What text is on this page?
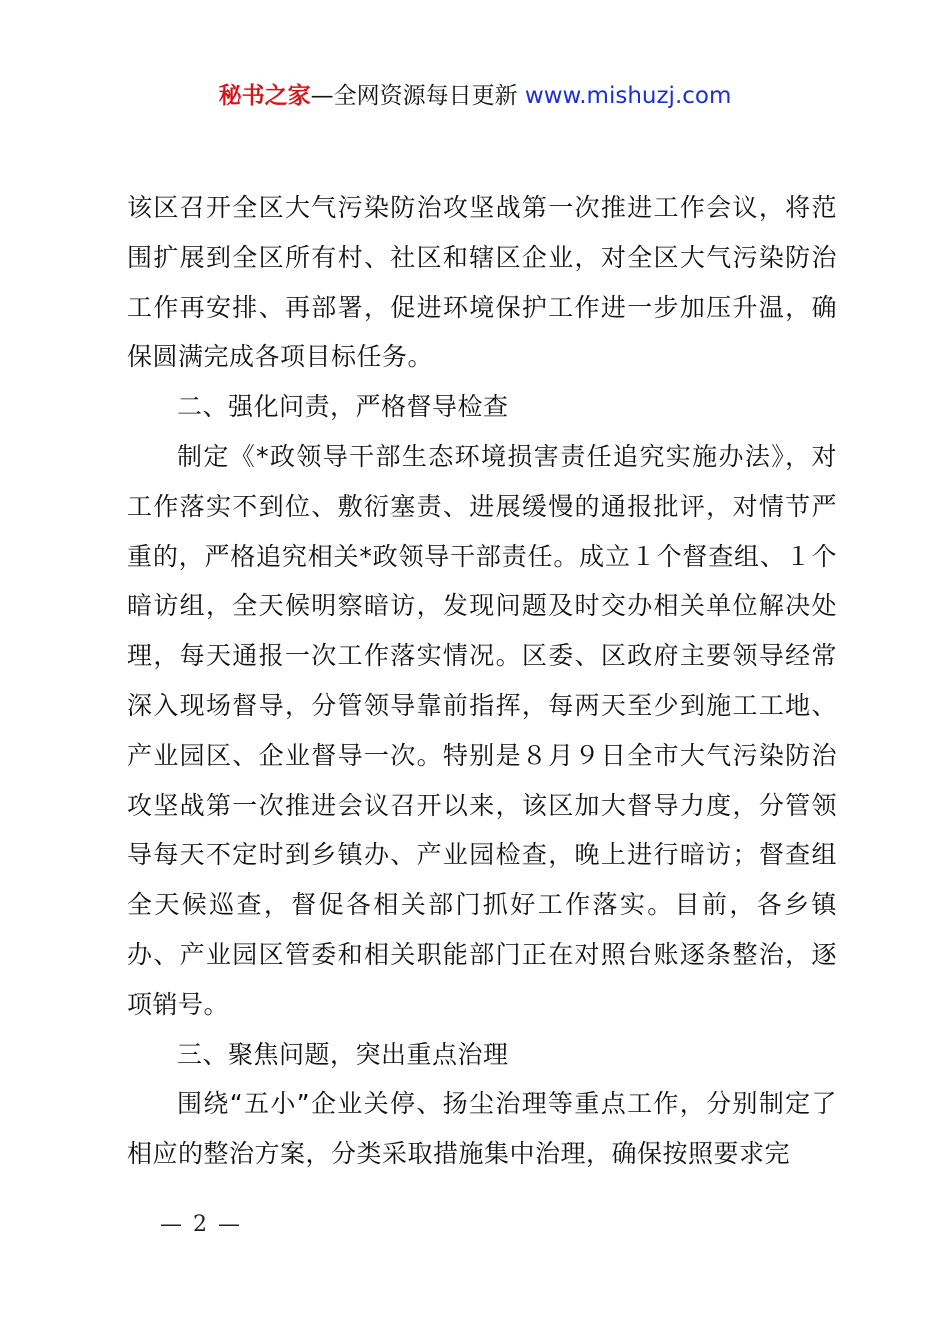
秘书之家—全网资源每日更新 www.mishuzj.com

该区召开全区大气污染防治攻坚战第一次推进工作会议，将范围扩展到全区所有村、社区和辖区企业，对全区大气污染防治工作再安排、再部署，促进环境保护工作进一步加压升温，确保圆满完成各项目标任务。

二、强化问责，严格督导检查

制定《*政领导干部生态环境损害责任追究实施办法》，对工作落实不到位、敷衍塞责、进展缓慢的通报批评，对情节严重的，严格追究相关*政领导干部责任。成立１个督查组、１个暗访组，全天候明察暗访，发现问题及时交办相关单位解决处理，每天通报一次工作落实情况。区委、区政府主要领导经常深入现场督导，分管领导靠前指挥，每两天至少到施工工地、产业园区、企业督导一次。特别是８月９日全市大气污染防治攻坚战第一次推进会议召开以来，该区加大督导力度，分管领导每天不定时到乡镇办、产业园检查，晚上进行暗访；督查组全天候巡查，督促各相关部门抓好工作落实。目前，各乡镇办、产业园区管委和相关职能部门正在对照台账逐条整治，逐项销号。

三、聚焦问题，突出重点治理

围绕“五小”企业关停、扬尘治理等重点工作，分别制定了相应的整治方案，分类采取措施集中治理，确保按照要求完

— 2 —
